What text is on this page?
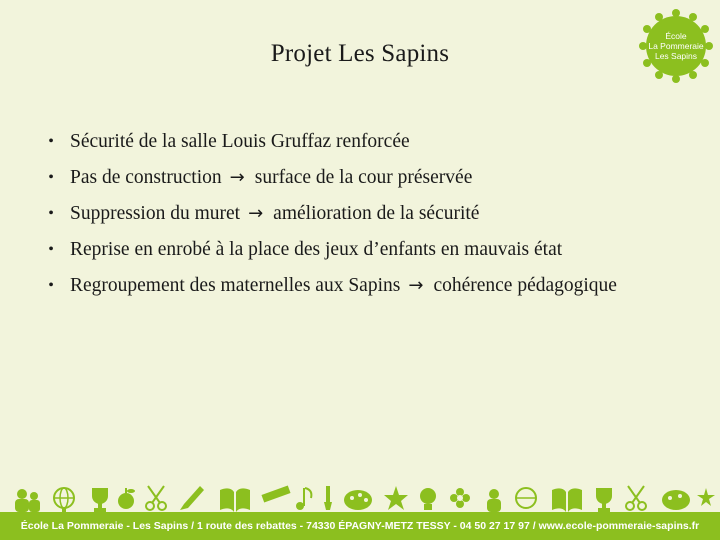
Projet Les Sapins
École
La Pommeraie
Les Sapins
• Sécurité de la salle Louis Gruffaz renforcée
• Pas de construction → surface de la cour préservée
• Suppression du muret → amélioration de la sécurité
• Reprise en enrobé à la place des jeux d’enfants en mauvais état
• Regroupement des maternelles aux Sapins → cohérence pédagogique
École La Pommeraie - Les Sapins / 1 route des rebattes - 74330 ÉPAGNY-METZ TESSY - 04 50 27 17 97 / www.ecole-pommeraie-sapins.fr
